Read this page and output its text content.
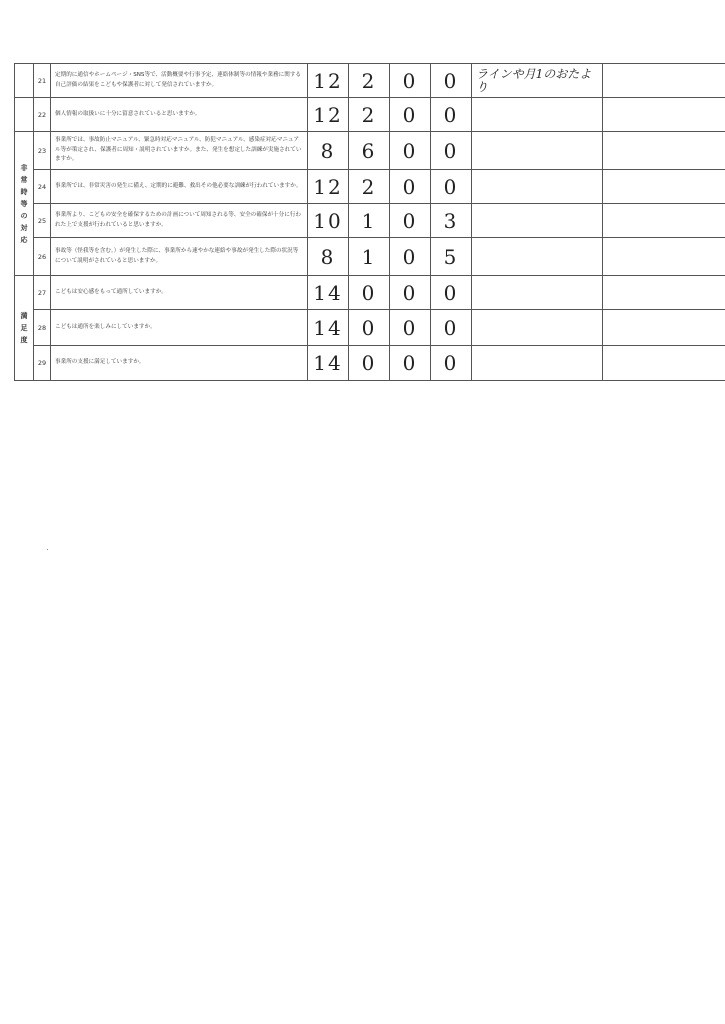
	21	定期的に通信やホームページ・SNS等で、活動概要や行事予定、連絡体制等の情報や業務に関する自己評価の結果をこどもや保護者に対して発信されていますか。	12	2	0	0	ラインや月1のおたより	
	22	個人情報の取扱いに十分に留意されていると思いますか。	12	2	0	0		

非常時等の対応	23	事業所では、事故防止マニュアル、緊急時対応マニュアル、防犯マニュアル、感染症対応マニュアル等が策定され、保護者に周知・説明されていますか。また、発生を想定した訓練が実施されていますか。	8	6	0	0		
	24	事業所では、非常災害の発生に備え、定期的に避難、救出その他必要な訓練が行われていますか。	12	2	0	0		
	25	事業所より、こどもの安全を確保するための計画について周知される等、安全の確保が十分に行われた上で支援が行われていると思いますか。	10	1	0	3		
	26	事故等（怪我等を含む。）が発生した際に、事業所から速やかな連絡や事故が発生した際の状況等について説明がされていると思いますか。	8	1	0	5		

満足度	27	こどもは安心感をもって通所していますか。	14	0	0	0		
	28	こどもは通所を楽しみにしていますか。	14	0	0	0		
	29	事業所の支援に満足していますか。	14	0	0	0		
